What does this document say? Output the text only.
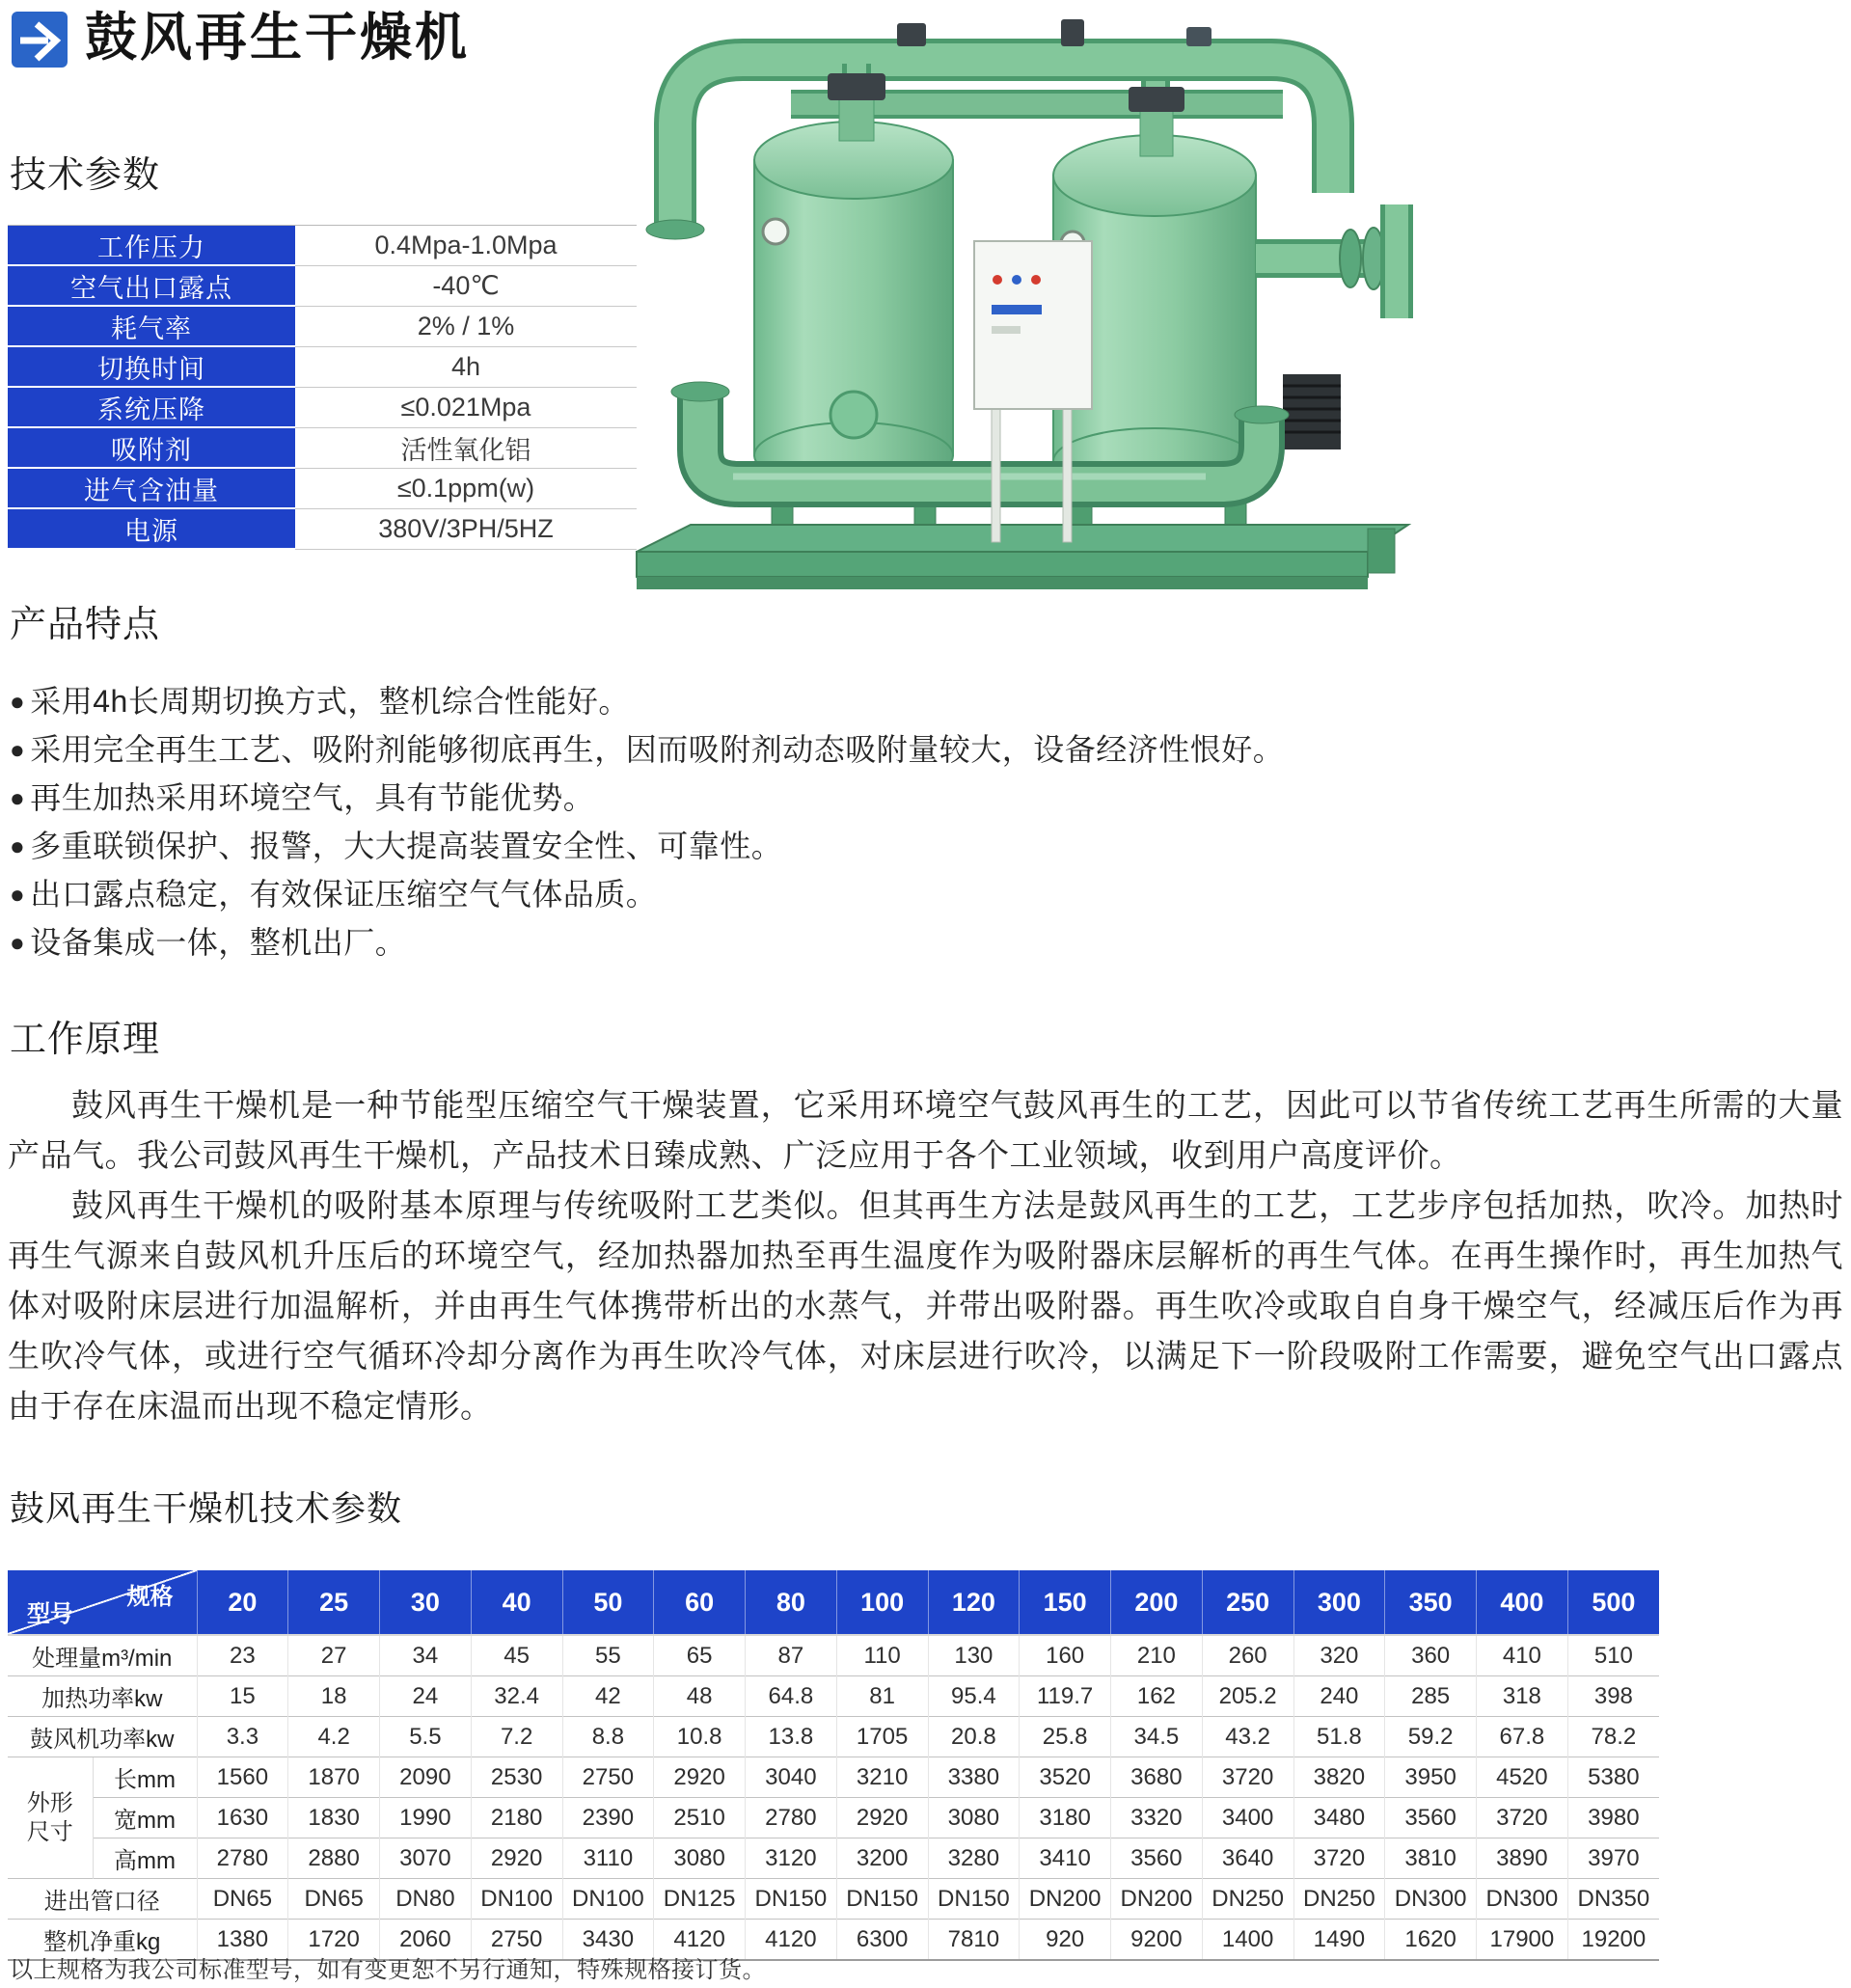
鼓风再生干燥机
技术参数
产品特点
工作原理
鼓风再生干燥机技术参数
工作压力	0.4Mpa-1.0Mpa
空气出口露点	-40℃
耗气率	2% / 1%
切换时间	4h
系统压降	≤0.021Mpa
吸附剂	活性氧化铝
进气含油量	≤0.1ppm(w)
电源	380V/3PH/5HZ
● 采用4h长周期切换方式，整机综合性能好。
● 采用完全再生工艺、吸附剂能够彻底再生，因而吸附剂动态吸附量较大，设备经济性恨好。
● 再生加热采用环境空气，具有节能优势。
● 多重联锁保护、报警，大大提高装置安全性、可靠性。
● 出口露点稳定，有效保证压缩空气气体品质。
● 设备集成一体，整机出厂。

鼓风再生干燥机是一种节能型压缩空气干燥装置，它采用环境空气鼓风再生的工艺，因此可以节省传统工艺再生所需的大量产品气。我公司鼓风再生干燥机，产品技术日臻成熟、广泛应用于各个工业领域，收到用户高度评价。

鼓风再生干燥机的吸附基本原理与传统吸附工艺类似。但其再生方法是鼓风再生的工艺，工艺步序包括加热，吹冷。加热时再生气源来自鼓风机升压后的环境空气，经加热器加热至再生温度作为吸附器床层解析的再生气体。在再生操作时，再生加热气体对吸附床层进行加温解析，并由再生气体携带析出的水蒸气，并带出吸附器。再生吹冷或取自自身干燥空气，经减压后作为再生吹冷气体，或进行空气循环冷却分离作为再生吹冷气体，对床层进行吹冷，以满足下一阶段吸附工作需要，避免空气出口露点由于存在床温而出现不稳定情形。

规格
型号		20	25	30	40	50	60	80	100	120	150	200	250	300	350	400	500
处理量m³/min		23	27	34	45	55	65	87	110	130	160	210	260	320	360	410	510
加热功率kw		15	18	24	32.4	42	48	64.8	81	95.4	119.7	162	205.2	240	285	318	398
鼓风机功率kw		3.3	4.2	5.5	7.2	8.8	10.8	13.8	1705	20.8	25.8	34.5	43.2	51.8	59.2	67.8	78.2
外形尺寸	长mm	1560	1870	2090	2530	2750	2920	3040	3210	3380	3520	3680	3720	3820	3950	4520	5380
	宽mm	1630	1830	1990	2180	2390	2510	2780	2920	3080	3180	3320	3400	3480	3560	3720	3980
	高mm	2780	2880	3070	2920	3110	3080	3120	3200	3280	3410	3560	3640	3720	3810	3890	3970
进出管口径		DN65	DN65	DN80	DN100	DN100	DN125	DN150	DN150	DN150	DN200	DN200	DN250	DN250	DN300	DN300	DN350
整机净重kg		1380	1720	2060	2750	3430	4120	4120	6300	7810	920	9200	1400	1490	1620	17900	19200
以上规格为我公司标准型号，如有变更恕不另行通知，特殊规格接订货。
